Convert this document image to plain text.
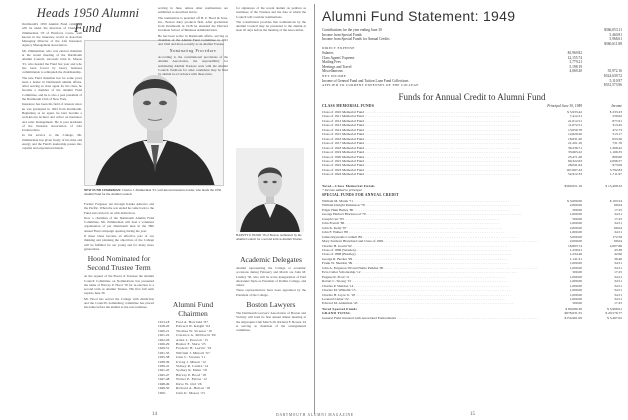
Heads 1950 Alumni Fund
Dartmouth's 1950 Alumni Fund campaign will be under the direction of Charles J. Zimmerman '23 of Hartford, Conn., well known in the insurance world as Associate Managing Director of the Life Insurance Agency Management Association.
Mr. Zimmerman, who was elected chairman at the recent meeting of the Dartmouth Alumni Council, succeeds John K. Mason '23, who headed the Fund last year and who has been forced by heavy business commitments to relinquish the chairmanship.
The new Fund chairman has for some years been a leader in Dartmouth alumni affairs. After serving as class agent for his class, he became a member of the Alumni Fund Committee, and he is also a past president of the Dartmouth Club of New York.
Insurance has been his field of interest since he was graduated in 1923 from Dartmouth. Beginning as an agent, he later became a well-known lecturer and writer on insurance and sales management. He is past president of the National Association of Life Underwriters.
In his service to the College, Mr. Zimmerman has given freely of his time and energy and the Fund's leadership passes into capable and experienced hands.
NEW FUND CHAIRMAN: Charles J. Zimmerman '23, well-known insurance leader, who heads the 1950 Alumni Fund for the Alumni Council.
Former Fergusee ran through Kanka America and the Pacific. When the war ended he came back to the Fund and carried it on with distinction.
Now a chairman of the Dartmouth Alumni Fund Committee, Mr. Zimmerman will lead a volunteer organization of per Dartmouth men in the 38th annual Fund campaign opening during the year.
If these ideas become an effective part of our thinking and planning the objectives of the College will be fulfilled for our young and for many more generations.
Hood Nominated for Second Trustee Term
At the request of the Board of Trustees the Alumni Council Committee on Nominations has presented the name of Harvey P. Hood '18 for re-election to a second term as Alumni Trustee. His first full term expires June 30.
Mr. Hood has served the College with distinction and the Council's nominating committee has placed his name before the alumni as the sole nominee.
serving in June, unless other nominations are submitted as described below.
The nomination is presided off H. P. Hood & Sons, Inc., Boston dairy products firm. After graduation from Dartmouth in 1918 he attended the Harvard Graduate School of Business Administration.
He has been active in Dartmouth affairs, serving as chairman of the Alumni Fund Committee in 1941 and 1942 and more recently as an Alumni Trustee.
Nominating Procedure
According to the constitutional provisions of the Alumni Association, the responsibility for nominating Alumni Trustees rests with the Alumni Council. Petitions for other candidates may be filed by alumni in accordance with these rules.
Alumni Fund Chairmen
1913-18	Fred A. Howland '87
1918-20	Edward W. Knight '04
1920-21	Thomas W. Streeter '10
1921-22	Clarence G. McDavitt '00
1922-26	Allen L. Prescott '15
1926-29	Homer E. Shaw '25
1929-31	Frederic H. Leavitt '16
1931-35	William J. Minsch '07
1935-38	John C. Strauss '11
1938-39	Irving J. Minett '12
1939-41	Sidney R. Larkin '14
1941-45	Sydney R. Dunn '18
1945-47	Harvey P. Hood '18
1947-48	Walter E. Fallon '12
1948-49	Dave W. Ord '26
1949-50	Richard A. Holton '18
1950-	John K. Mason '23
HARVEY P. HOOD '18 of Boston, nominated by the Alumni Council for a second term as Alumni Trustee.
for signatures of the recent alumni on petition as nominees of the Trustees and the date at which the Council will consider nominations.
The Constitution provides that nominations by the Alumni Council may be presented to the alumni at least 45 days before the meeting of the Association.
Academic Delegates
Alumni representing the College at academic occasions during February and March are John M. Lindley '30, who will be at the inauguration of Paul Alexander Siple as President of Rollins College, and others.
These representatives have been appointed by the President of the College.
Boston Lawyers
The Dartmouth Lawyers' Association of Boston and Vicinity will hold its first annual dinner meeting at the Algonquin Club March 26. Richard F. Bowen '24 is serving as chairman of the arrangements committee.
14	DARTMOUTH ALUMNI MAGAZINE
Alumni Fund Statement: 1949
Contributions for the year ending June 30	$566,053.11
Income from Special Funds	5,460.81
Income from Special Funds for Annual Credits	5,968.61
$560,611.88
DIRECT EXPENSE
Salaries	$3,969.82
Class Agents' Expense	12,155.74
Mailing Fees	3,779.21
Meetings and Travel	5,198.19
Miscellaneous	4,069.20	35,972.16
NET INCOME	$524,639.72
Income of General Fund and Tuition Loan Fund Collections	5,110.97
APPLIED TO CURRENT EXPENSES OF THE COLLEGE	$531,573.96
Funds for Annual Credit to Alumni Fund
CLASS MEMORIAL FUNDS	Principal June 30, 1949	Income
Class of 1910 Memorial Fund . . .	$ 5,933.42	$ 233.23
Class of 1911 Memorial Fund . . .	7,412.21	259.62
Class of 1912 Memorial Fund . . .	21,012.51	877.61
Class of 1913 Memorial Fund . . .	11,072.51	313.45
Class of 1914 Memorial Fund . . .	13,650.78	472.73
Class of 1915 Memorial Fund . . .	14,820.20	513.17
Class of 1916 Memorial Fund . . .	18,631.20	653.56
Class of 1917 Memorial Fund . . .	21,201.10	731.76
Class of 1918 Memorial Fund . . .	39,236.71	1,308.42
Class of 1919 Memorial Fund . . .	33,665.22	1,166.35
Class of 1920 Memorial Fund . . .	23,471.28	800.60
Class of 1921 Memorial Fund . . .	60,322.63	2,096.57
Class of 1922 Memorial Fund . . .	28,041.64	973.09
Class of 1923 Memorial Fund . . .	167,667.43	5,792.83
Class of 1924 Memorial Fund . . .	52,912.33	1,711.97
Total—Class Memorial Funds	$560,651.16	$ 15,408.32
* Income added to principal
SPECIAL FUNDS FOR ANNUAL CREDIT
William M. Marsh '71 . . .	$ 3,000.00	$ 103.54
William Dwight Parkinson '78 . . .	2,000.00	69.04
Edgar Hunt Bailey '80 . . .	500.00	17.25
George Herbert Blackwood '79 . . .	1,000.00	34.51
Joseph Carr '83 . . .	500.00	17.25
John French '86 . . .	1,000.00	34.51
John K. Kelly '87 . . .	2,000.00	69.04
John F. Walker '88 . . .	1,000.00	34.51
James Reynolds Corthell '89 . . .	5,000.00	172.58
Mary Sanborn Blanchard and Class of 1892 . . .	2,000.00	69.04
Charles H. Gould '92 . . .	16,863.74	2,007.86
Class of 1896 (Weeden) . . .	1,256.91	43.38
Class of 1898 (Bradley) . . .	1,234.46	42.60
George R. Becker '99 . . .	1,141.41	39.40
Frank W. Sheldon '99 . . .	1,000.00	34.51
John A. Ferguson '00 and Nettie Perkins '00 . . .	1,000.00	34.51
Ezra Cutler Scholarship '12 . . .	500.00	17.25
Eugene R. Frost '11 . . .	1,000.00	34.51
Robert C. Strong '13 . . .	1,000.00	34.51
Charles P. Sheldon '14 . . .	1,000.00	34.51
Charles M. Wilhelm '15 . . .	1,000.00	34.51
Charles H. Joyce Jr. '18 . . .	1,000.00	34.51
Leonard Lieber '22 . . .	1,000.00	34.51
Edward M. Alderman '43 . . .	500.00	17.25
Total Special Funds	$ 80,080.39	$ 5,968.61
GRAND TOTAL	$678,631.55	$ 20,576.77
General Fund invested with Associated Endowments . . .	$154,961.09	$ 5,467.02
15
